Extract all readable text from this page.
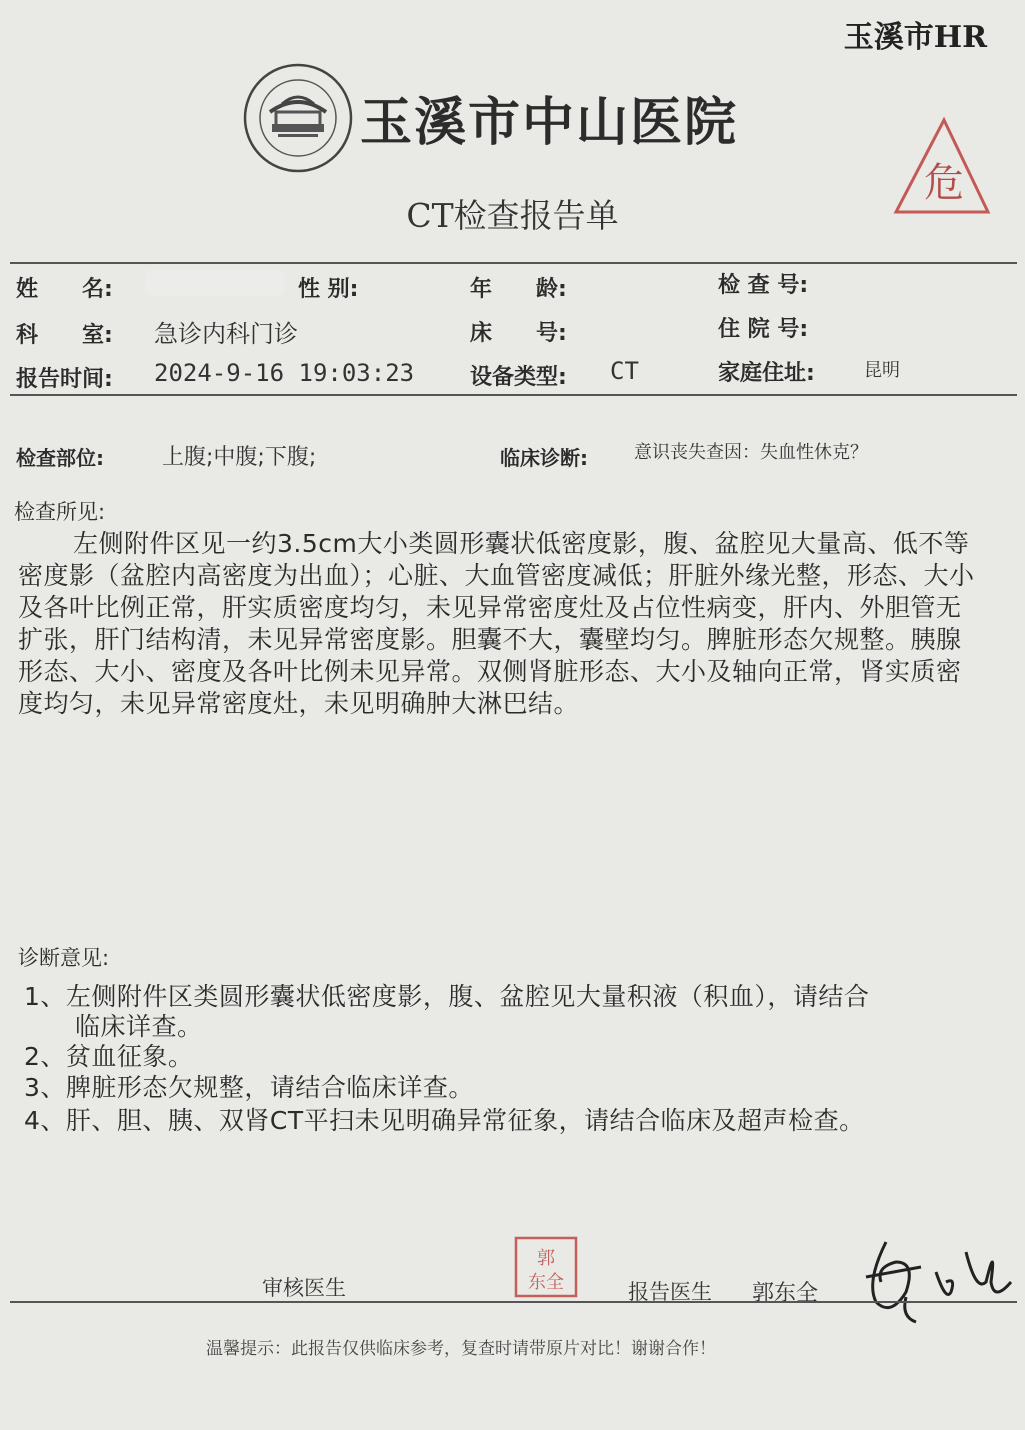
玉溪市HR
玉溪市中山医院
危
CT检查报告单
姓　　名:	性 别:	年　　龄:	检 查 号:
科　　室: 急诊内科门诊	床　　号:	住 院 号:
报告时间: 2024-9-16 19:03:23	设备类型: CT	家庭住址:	昆明
检查部位:	上腹;中腹;下腹;	临床诊断:	意识丧失查因：失血性休克？
检查所见:

左侧附件区见一约3.5cm大小类圆形囊状低密度影，腹、盆腔见大量高、低不等密度影（盆腔内高密度为出血）；心脏、大血管密度减低；肝脏外缘光整，形态、大小及各叶比例正常，肝实质密度均匀，未见异常密度灶及占位性病变，肝内、外胆管无扩张，肝门结构清，未见异常密度影。胆囊不大，囊壁均匀。脾脏形态欠规整。胰腺形态、大小、密度及各叶比例未见异常。双侧肾脏形态、大小及轴向正常，肾实质密度均匀，未见异常密度灶，未见明确肿大淋巴结。

诊断意见:
1、左侧附件区类圆形囊状低密度影，腹、盆腔见大量积液（积血），请结合
　　临床详查。
2、贫血征象。
3、脾脏形态欠规整，请结合临床详查。
4、肝、胆、胰、双肾CT平扫未见明确异常征象，请结合临床及超声检查。
审核医生
郭
东全	报告医生 郭东全
温馨提示：此报告仅供临床参考，复查时请带原片对比！谢谢合作！
